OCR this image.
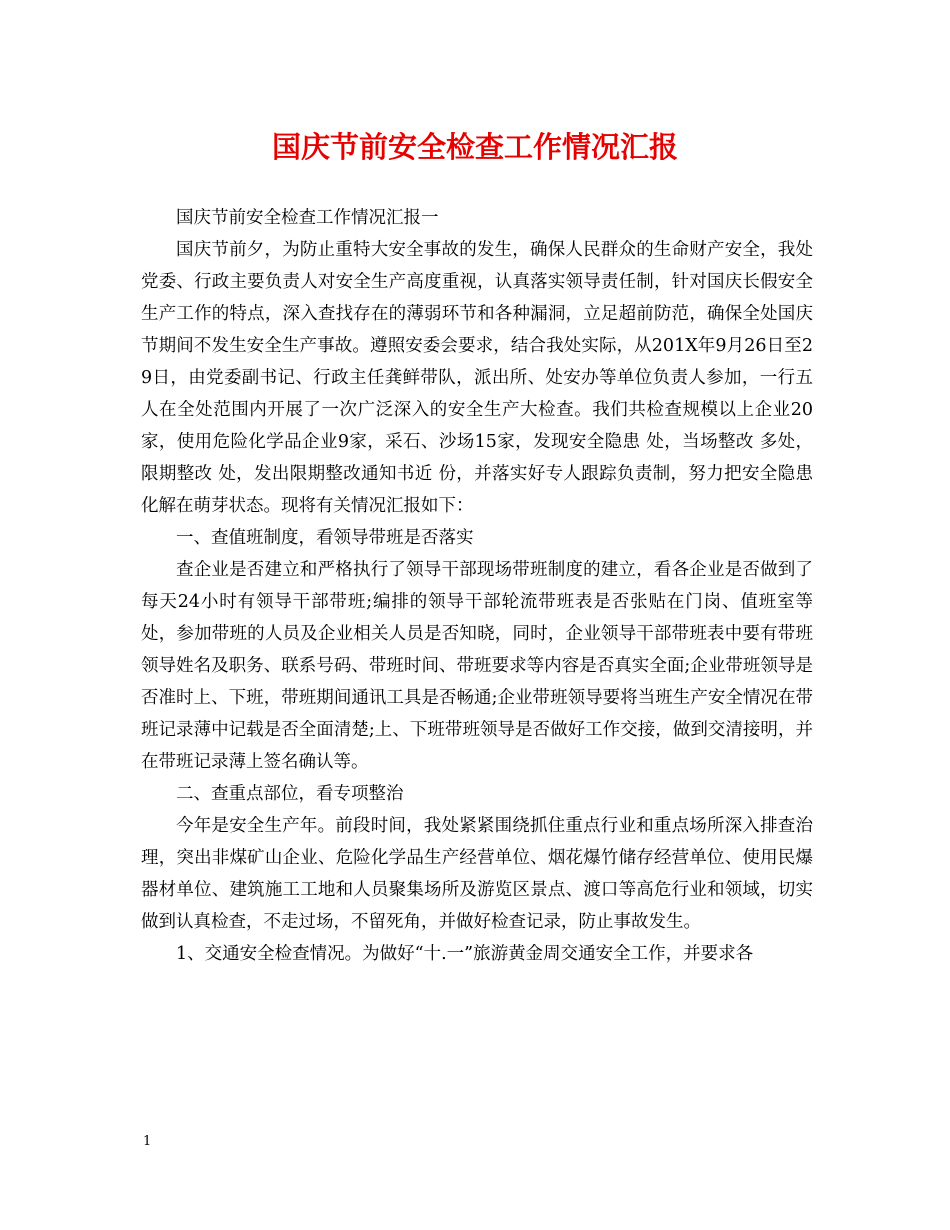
国庆节前安全检查工作情况汇报

国庆节前安全检查工作情况汇报一

国庆节前夕，为防止重特大安全事故的发生，确保人民群众的生命财产安全，我处党委、行政主要负责人对安全生产高度重视，认真落实领导责任制，针对国庆长假安全生产工作的特点，深入查找存在的薄弱环节和各种漏洞，立足超前防范，确保全处国庆节期间不发生安全生产事故。遵照安委会要求，结合我处实际，从201X年9月26日至29日，由党委副书记、行政主任龚鲜带队，派出所、处安办等单位负责人参加，一行五人在全处范围内开展了一次广泛深入的安全生产大检查。我们共检查规模以上企业20家，使用危险化学品企业9家，采石、沙场15家，发现安全隐患 处，当场整改 多处，限期整改 处，发出限期整改通知书近 份，并落实好专人跟踪负责制，努力把安全隐患化解在萌芽状态。现将有关情况汇报如下：

一、查值班制度，看领导带班是否落实

查企业是否建立和严格执行了领导干部现场带班制度的建立，看各企业是否做到了每天24小时有领导干部带班;编排的领导干部轮流带班表是否张贴在门岗、值班室等处，参加带班的人员及企业相关人员是否知晓，同时，企业领导干部带班表中要有带班领导姓名及职务、联系号码、带班时间、带班要求等内容是否真实全面;企业带班领导是否准时上、下班，带班期间通讯工具是否畅通;企业带班领导要将当班生产安全情况在带班记录薄中记载是否全面清楚;上、下班带班领导是否做好工作交接，做到交清接明，并在带班记录薄上签名确认等。

二、查重点部位，看专项整治

今年是安全生产年。前段时间，我处紧紧围绕抓住重点行业和重点场所深入排查治理，突出非煤矿山企业、危险化学品生产经营单位、烟花爆竹储存经营单位、使用民爆器材单位、建筑施工工地和人员聚集场所及游览区景点、渡口等高危行业和领域，切实做到认真检查，不走过场，不留死角，并做好检查记录，防止事故发生。

1、交通安全检查情况。为做好“十.一”旅游黄金周交通安全工作，并要求各

1
